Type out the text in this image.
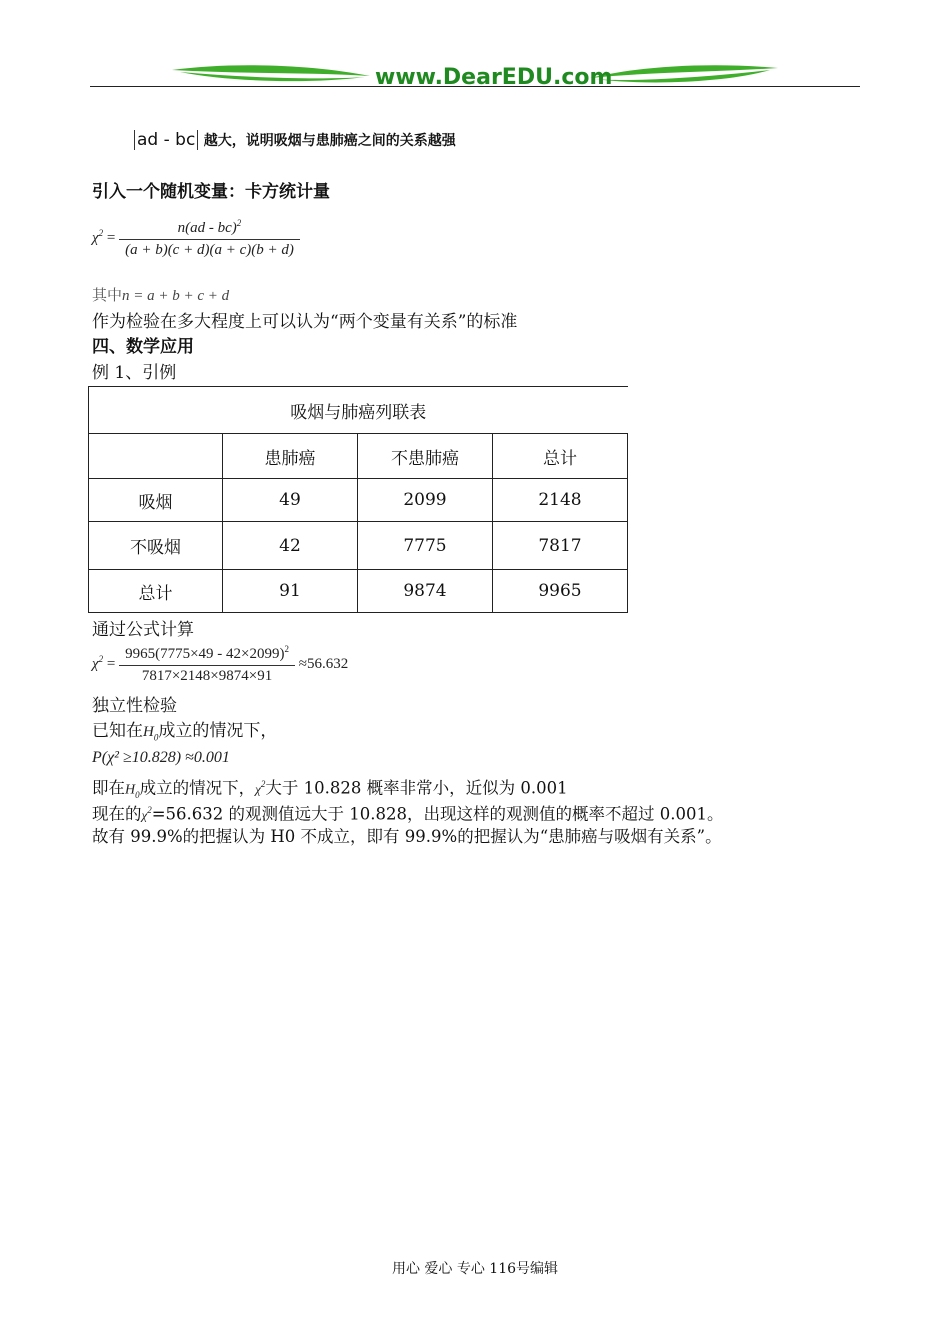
www.DearEDU.com
ad - bc 越大，说明吸烟与患肺癌之间的关系越强
引入一个随机变量：卡方统计量
$\chi^2 = \frac{n(ad - bc)^2}{(a + b)(c + d)(a + c)(b + d)}$
其中n = a + b + c + d
作为检验在多大程度上可以认为“两个变量有关系”的标准
四、数学应用
例 1、引例
吸烟与肺癌列联表			
	患肺癌	不患肺癌	总计
吸烟	49	2099	2148
不吸烟	42	7775	7817
总计	91	9874	9965
通过公式计算
$\chi^2 = \frac{9965(7775\times 49 - 42\times 2099)^2}{7817\times 2148\times 9874\times 91} \approx 56.632$
独立性检验
已知在$H_0$成立的情况下，
P(χ² ≥10.828) ≈0.001
即在$H_0$成立的情况下，$\chi^2$大于 10.828 概率非常小，近似为 0.001
现在的$\chi^2=56.632$ 的观测值远大于 10.828，出现这样的观测值的概率不超过 0.001。
故有 99.9%的把握认为 H0 不成立，即有 99.9%的把握认为“患肺癌与吸烟有关系”。
用心 爱心 专心 116号编辑
